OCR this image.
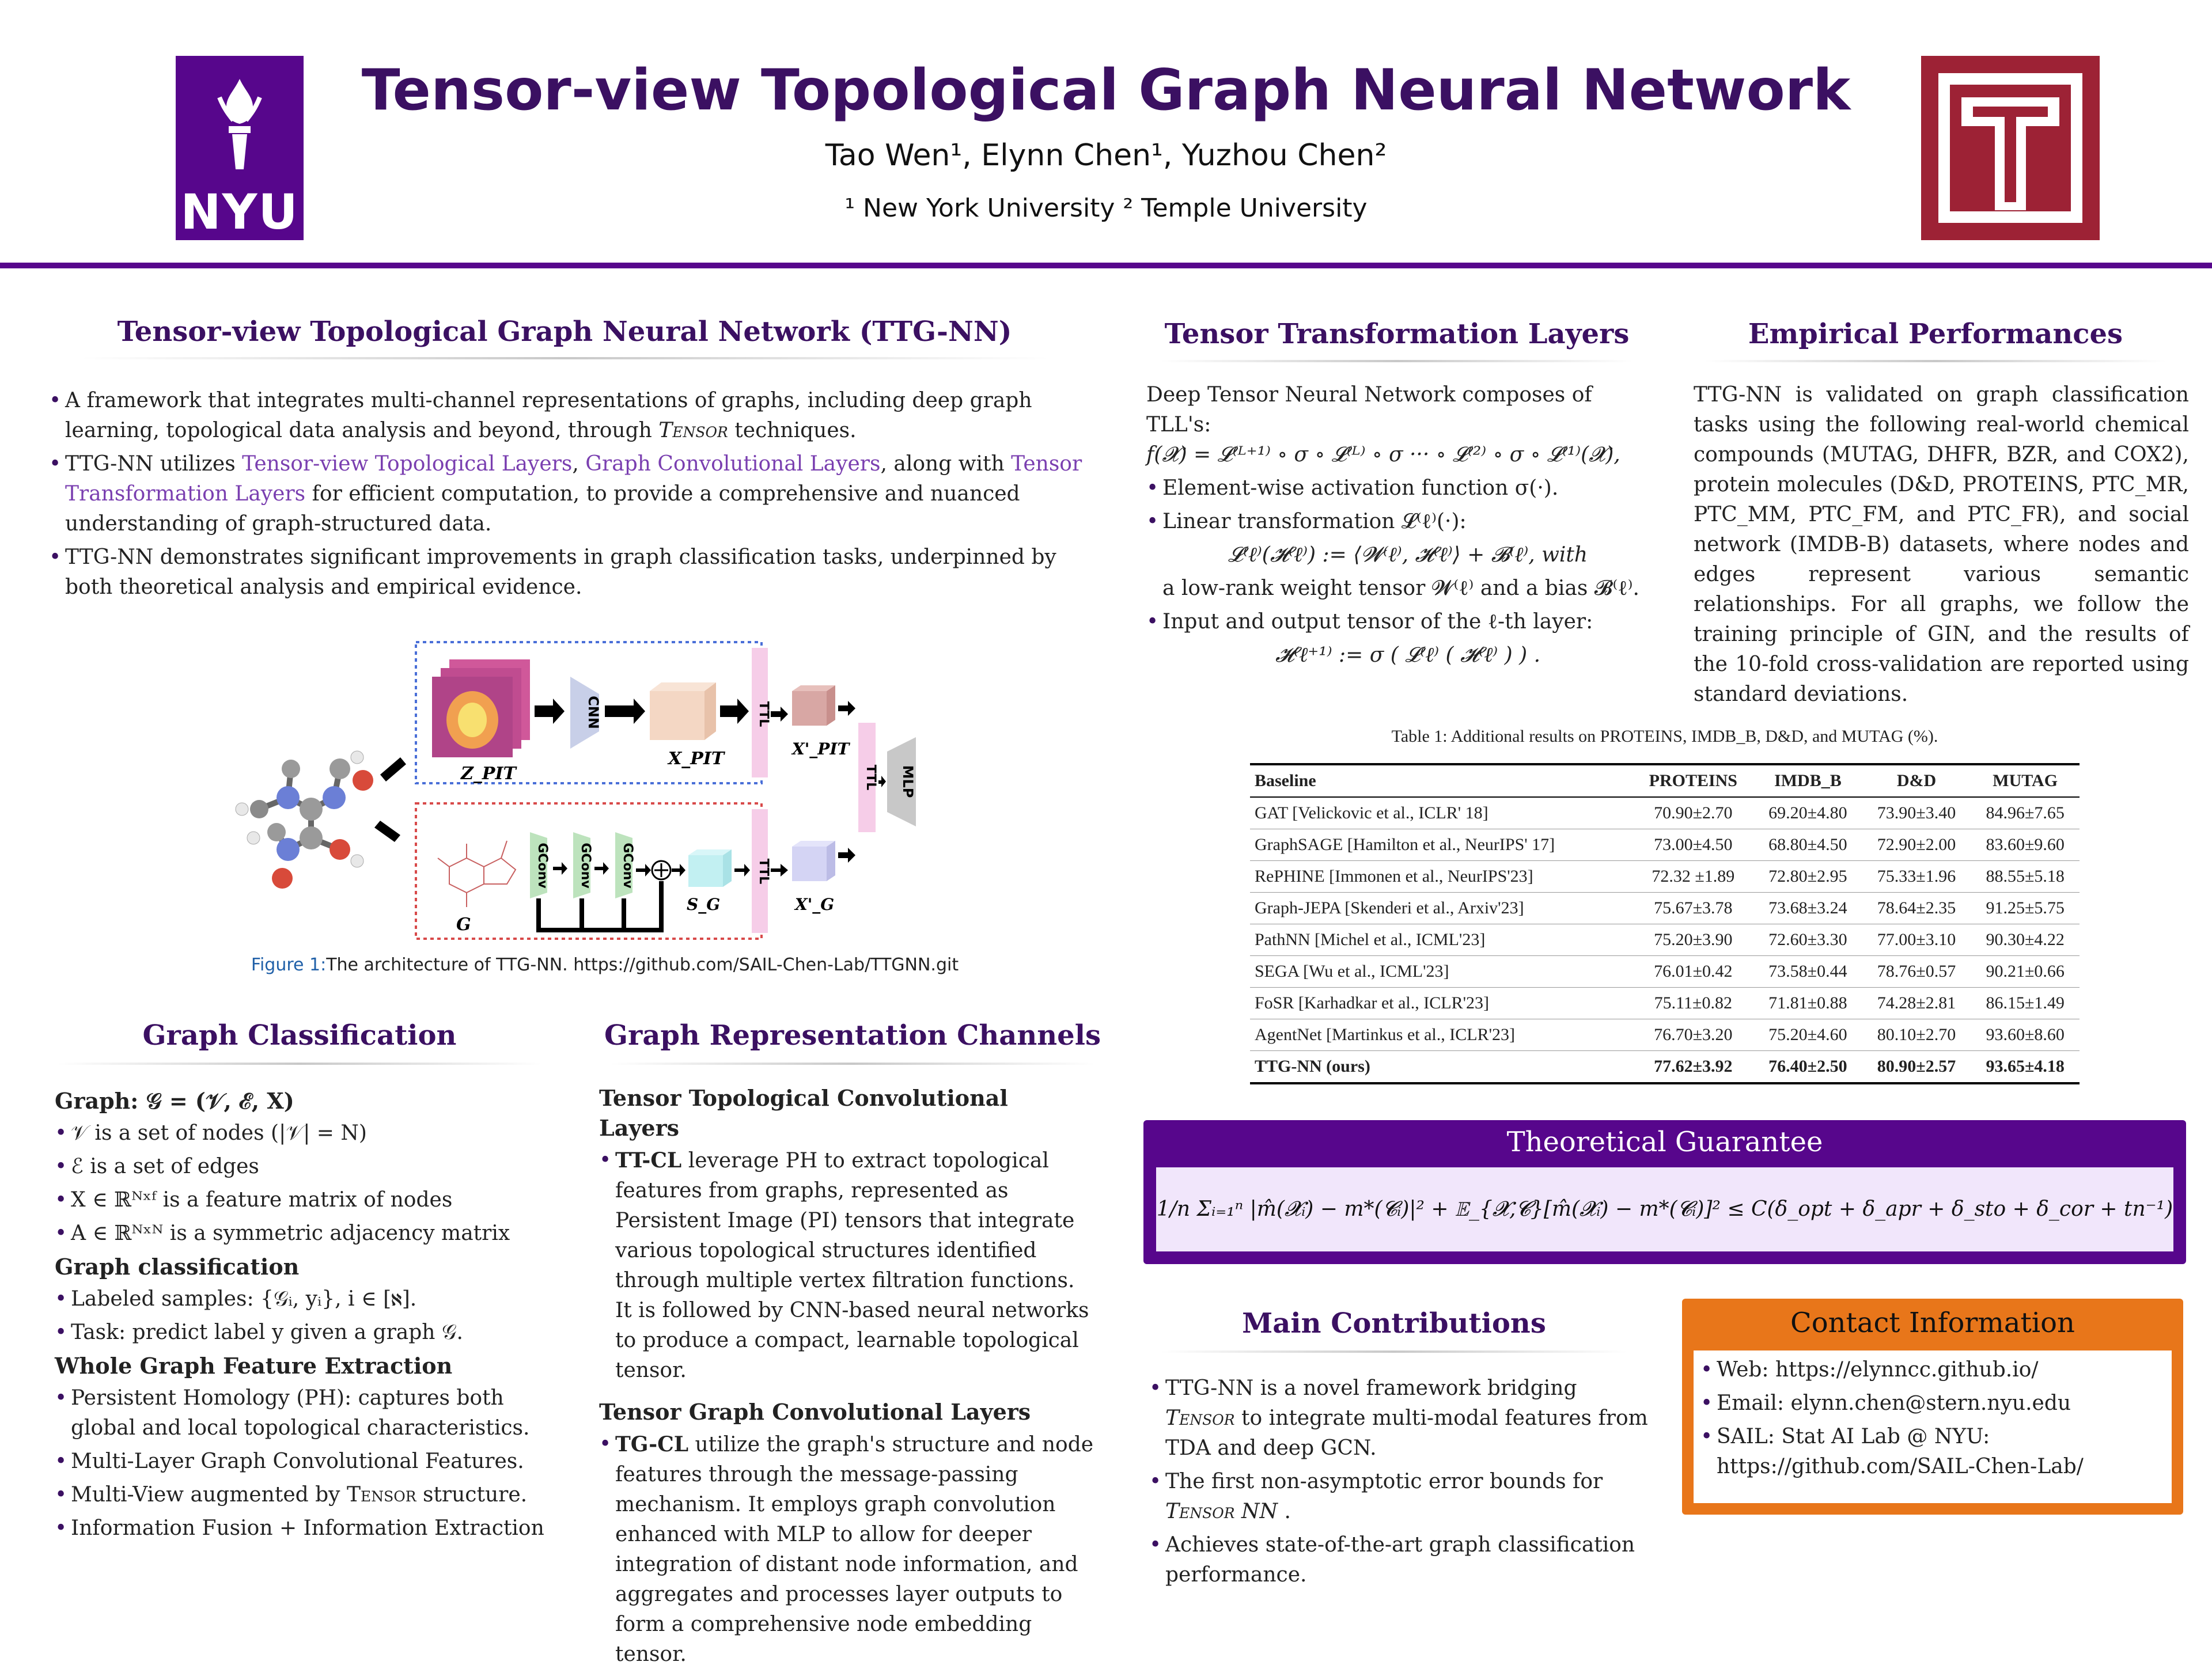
NYU
Tensor-view Topological Graph Neural Network
Tao Wen¹, Elynn Chen¹, Yuzhou Chen²
¹ New York University ² Temple University
Tensor-view Topological Graph Neural Network (TTG-NN)
• A framework that integrates multi-channel representations of graphs, including deep graph learning, topological data analysis and beyond, through Tensor techniques.
• TTG-NN utilizes Tensor-view Topological Layers, Graph Convolutional Layers, along with Tensor Transformation Layers for efficient computation, to provide a comprehensive and nuanced understanding of graph-structured data.
• TTG-NN demonstrates significant improvements in graph classification tasks, underpinned by both theoretical analysis and empirical evidence.
Z_PIT
CNN
X_PIT
TTL
X'_PIT
TTL MLP
G
GConv GConv GConv
S_G
TTL
X'_G
Figure 1:The architecture of TTG-NN. https://github.com/SAIL-Chen-Lab/TTGNN.git
Graph Classification
Graph: 𝒢 = (𝒱, ℰ, X)
• 𝒱 is a set of nodes (|𝒱| = N)
• ℰ is a set of edges
• X ∈ ℝᴺˣᶠ is a feature matrix of nodes
• A ∈ ℝᴺˣᴺ is a symmetric adjacency matrix
Graph classification
• Labeled samples: {𝒢ᵢ, yᵢ}, i ∈ [ℵ].
• Task: predict label y given a graph 𝒢.
Whole Graph Feature Extraction
• Persistent Homology (PH): captures both global and local topological characteristics.
• Multi-Layer Graph Convolutional Features.
• Multi-View augmented by Tensor structure.
• Information Fusion + Information Extraction
Graph Representation Channels
Tensor Topological Convolutional Layers
• TT-CL leverage PH to extract topological features from graphs, represented as Persistent Image (PI) tensors that integrate various topological structures identified through multiple vertex filtration functions. It is followed by CNN-based neural networks to produce a compact, learnable topological tensor.
Tensor Graph Convolutional Layers
• TG-CL utilize the graph's structure and node features through the message-passing mechanism. It employs graph convolution enhanced with MLP to allow for deeper integration of distant node information, and aggregates and processes layer outputs to form a comprehensive node embedding tensor.
Tensor Transformation Layers

Deep Tensor Neural Network composes of TLL's:

f(𝓧) = 𝓛⁽ᴸ⁺¹⁾ ∘ σ ∘ 𝓛⁽ᴸ⁾ ∘ σ ··· ∘ 𝓛⁽²⁾ ∘ σ ∘ 𝓛⁽¹⁾(𝓧),

• Element-wise activation function σ(·).
• Linear transformation 𝓛⁽ℓ⁾(·):
𝓛⁽ℓ⁾(𝓗⁽ℓ⁾) := ⟨𝓦⁽ℓ⁾, 𝓗⁽ℓ⁾⟩ + 𝓑⁽ℓ⁾, with
a low-rank weight tensor 𝓦⁽ℓ⁾ and a bias 𝓑⁽ℓ⁾.
• Input and output tensor of the ℓ-th layer:
𝓗⁽ℓ⁺¹⁾ := σ ( 𝓛⁽ℓ⁾ ( 𝓗⁽ℓ⁾ ) ) .
Empirical Performances
TTG-NN is validated on graph classification tasks using the following real-world chemical compounds (MUTAG, DHFR, BZR, and COX2), protein molecules (D&D, PROTEINS, PTC_MR, PTC_MM, PTC_FM, and PTC_FR), and social network (IMDB-B) datasets, where nodes and edges represent various semantic relationships. For all graphs, we follow the training principle of GIN, and the results of the 10-fold cross-validation are reported using standard deviations.
Table 1: Additional results on PROTEINS, IMDB_B, D&D, and MUTAG (%).
Baseline	PROTEINS	IMDB_B	D&D	MUTAG
GAT [Velickovic et al., ICLR' 18]	70.90±2.70	69.20±4.80	73.90±3.40	84.96±7.65
GraphSAGE [Hamilton et al., NeurIPS' 17]	73.00±4.50	68.80±4.50	72.90±2.00	83.60±9.60
RePHINE [Immonen et al., NeurIPS'23]	72.32 ±1.89	72.80±2.95	75.33±1.96	88.55±5.18
Graph-JEPA [Skenderi et al., Arxiv'23]	75.67±3.78	73.68±3.24	78.64±2.35	91.25±5.75
PathNN [Michel et al., ICML'23]	75.20±3.90	72.60±3.30	77.00±3.10	90.30±4.22
SEGA [Wu et al., ICML'23]	76.01±0.42	73.58±0.44	78.76±0.57	90.21±0.66
FoSR [Karhadkar et al., ICLR'23]	75.11±0.82	71.81±0.88	74.28±2.81	86.15±1.49
AgentNet [Martinkus et al., ICLR'23]	76.70±3.20	75.20±4.60	80.10±2.70	93.60±8.60
TTG-NN (ours)	77.62±3.92	76.40±2.50	80.90±2.57	93.65±4.18
Theoretical Guarantee
1/n Σᵢ₌₁ⁿ |m̂(𝓧ᵢ) − m*(𝓒ᵢ)|² + 𝔼_{𝓧,𝓒}[m̂(𝓧ᵢ) − m*(𝓒ᵢ)]² ≤ C(δ_opt + δ_apr + δ_sto + δ_cor + tn⁻¹)
Main Contributions
• TTG-NN is a novel framework bridging Tensor to integrate multi-modal features from TDA and deep GCN.
• The first non-asymptotic error bounds for Tensor NN .
• Achieves state-of-the-art graph classification performance.
Contact Information
• Web: https://elynncc.github.io/
• Email: elynn.chen@stern.nyu.edu
• SAIL: Stat AI Lab @ NYU: https://github.com/SAIL-Chen-Lab/
